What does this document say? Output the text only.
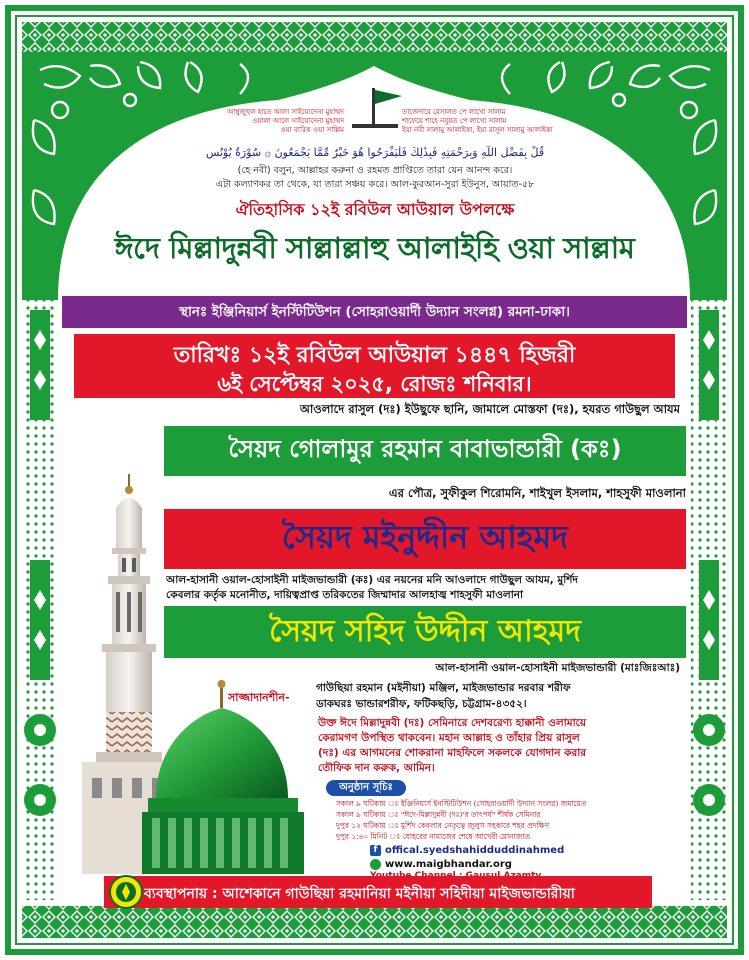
আম্বুজুহুল হাতে আলা সাইয়্যেদেনা মুহাম্মদ
ওয়ালা আলে সাইয়্যেদেনা মুহাম্মদ
ওয়া বারিক ওয়া সাল্লিম
তাজেদারে রেসালত পে লাখো সালাম
শাফেয়ে শাহে নবুয়ত পে লাখো সালাম
ইয়া নবী সালামু আলাইকা, ইয়া রাসুল সালামু আলাইকা
قُلْ بِفَضْلِ اللَّهِ وَبِرَحْمَتِهِ فَبِذَٰلِكَ فَلْيَفْرَحُوا هُوَ خَيْرٌ مِّمَّا يَجْمَعُونَ ۞ سُوْرَةُ يُوْنُس
(হে নবী) বলুন, আল্লাহর করুনা ও রহমত প্রাপ্তিতে তারা যেন আনন্দ করে।
এটা কল্যাণকর তা থেকে, যা তারা সঞ্চয় করে। আল-কুরআন-সুরা ইউনুস, আয়াত-৫৮
ঐতিহাসিক ১২ই রবিউল আউয়াল উপলক্ষে
ঈদে মিল্লাদুন্নবী সাল্লাল্লাহু আলাইহি ওয়া সাল্লাম
স্থানঃ ইঞ্জিনিয়ার্স ইনস্টিটিউশন (সোহরাওয়ার্দী উদ্যান সংলগ্ন) রমনা-ঢাকা।
তারিখঃ ১২ই রবিউল আউয়াল ১৪৪৭ হিজরী
৬ই সেপ্টেম্বর ২০২৫, রোজঃ শনিবার।
আওলাদে রাসুল (দঃ) ইউছুফে ছানি, জামালে মোস্তফা (দঃ), হযরত গাউছুল আযম
সৈয়দ গোলামুর রহমান বাবাভান্ডারী (কঃ)
এর পৌত্র, সুফীকুল শিরোমনি, শাইখুল ইসলাম, শাহসুফী মাওলানা
সৈয়দ মইনুদ্দীন আহমদ
আল-হাসানী ওয়াল-হোসাইনী মাইজভান্ডারী (কঃ) এর নয়নের মনি আওলাদে গাউছুল আযম, মুর্শিদ
কেবলার কর্তৃক মনোনীত, দায়িত্বপ্রাপ্ত তরিকতের জিম্মাদার আলহাজ্ব শাহসুফী মাওলানা
সৈয়দ সহিদ উদ্দীন আহমদ
আল-হাসানী ওয়াল-হোসাইনী মাইজভান্ডারী (মাঃজিঃআঃ)
সাজ্জাদানশীন-
গাউছিয়া রহমান (মইনীয়া) মঞ্জিল, মাইজভান্ডার দরবার শরীফ
ডাকঘরঃ ভান্ডারশরীফ, ফটিকছড়ি, চট্টগ্রাম-৪৩৫২।
উক্ত ঈদে মিল্লাদুন্নবী (দঃ) সেমিনারে দেশবরেণ্য হাক্কানী ওলামায়ে
কেরামগণ উপস্থিত থাকবেন। মহান আল্লাহ ও তাঁহার প্রিয় রাসুল
(দঃ) এর আগমনের শোকরানা মাহফিলে সকলকে যোগদান করার
তৌফিক দান করুক, আমিন।
অনুষ্ঠান সূচিঃ
সকাল ৯ ঘটিকায় ঃ ইঞ্জিনিয়ার্স ইনস্টিটিউশন (সোহরাওয়ার্দী উদ্যান সংলগ্ন) জমায়েত
সকাল ৯ ঘটিকায় ঃ "ঈদে-মিল্লাদুন্নবী (দঃ)'র তাৎপর্য" শীর্ষক সেমিনার
দুপুর ১২ ঘটিকায় ঃ মুর্শিদ কেবলার নেতৃত্বে জুলুস সহকারে শহর প্রদক্ষিণ
দুপুর ১:৪০ মিনিট ঃ যোহরের নামাজের শেষে আখেরী মোনাজাত
f offical.syedshahidduddinahmed
www.maigbhandar.org
ব্যবস্থাপনায় : আশেকানে গাউছিয়া রহমানিয়া মইনীয়া সহিদীয়া মাইজভান্ডারীয়া
